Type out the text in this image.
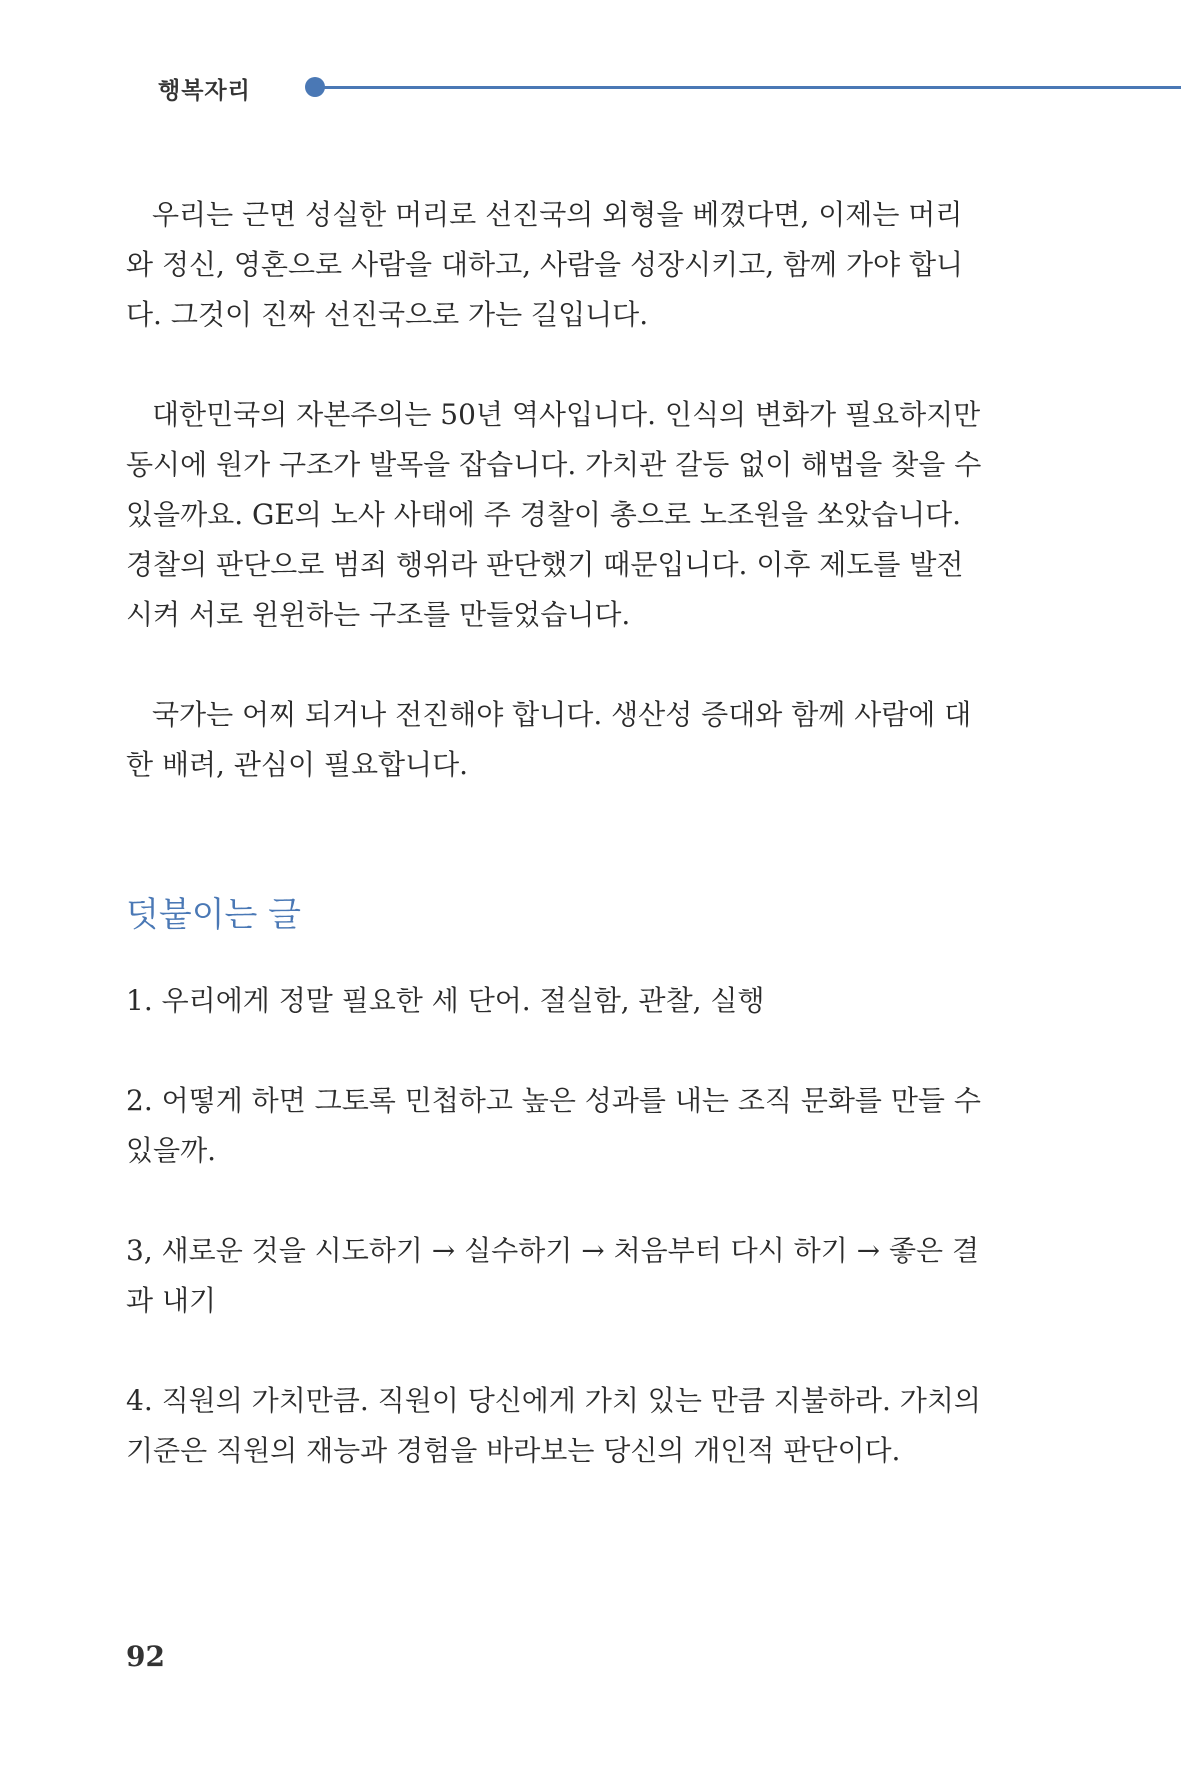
행복자리

우리는 근면 성실한 머리로 선진국의 외형을 베꼈다면, 이제는 머리와 정신, 영혼으로 사람을 대하고, 사람을 성장시키고, 함께 가야 합니다. 그것이 진짜 선진국으로 가는 길입니다.

대한민국의 자본주의는 50년 역사입니다. 인식의 변화가 필요하지만 동시에 원가 구조가 발목을 잡습니다. 가치관 갈등 없이 해법을 찾을 수 있을까요. GE의 노사 사태에 주 경찰이 총으로 노조원을 쏘았습니다. 경찰의 판단으로 범죄 행위라 판단했기 때문입니다. 이후 제도를 발전시켜 서로 윈윈하는 구조를 만들었습니다.

국가는 어찌 되거나 전진해야 합니다. 생산성 증대와 함께 사람에 대한 배려, 관심이 필요합니다.

덧붙이는 글

1. 우리에게 정말 필요한 세 단어. 절실함, 관찰, 실행

2. 어떻게 하면 그토록 민첩하고 높은 성과를 내는 조직 문화를 만들 수 있을까.

3, 새로운 것을 시도하기 → 실수하기 → 처음부터 다시 하기 → 좋은 결과 내기

4. 직원의 가치만큼. 직원이 당신에게 가치 있는 만큼 지불하라. 가치의 기준은 직원의 재능과 경험을 바라보는 당신의 개인적 판단이다.

92
